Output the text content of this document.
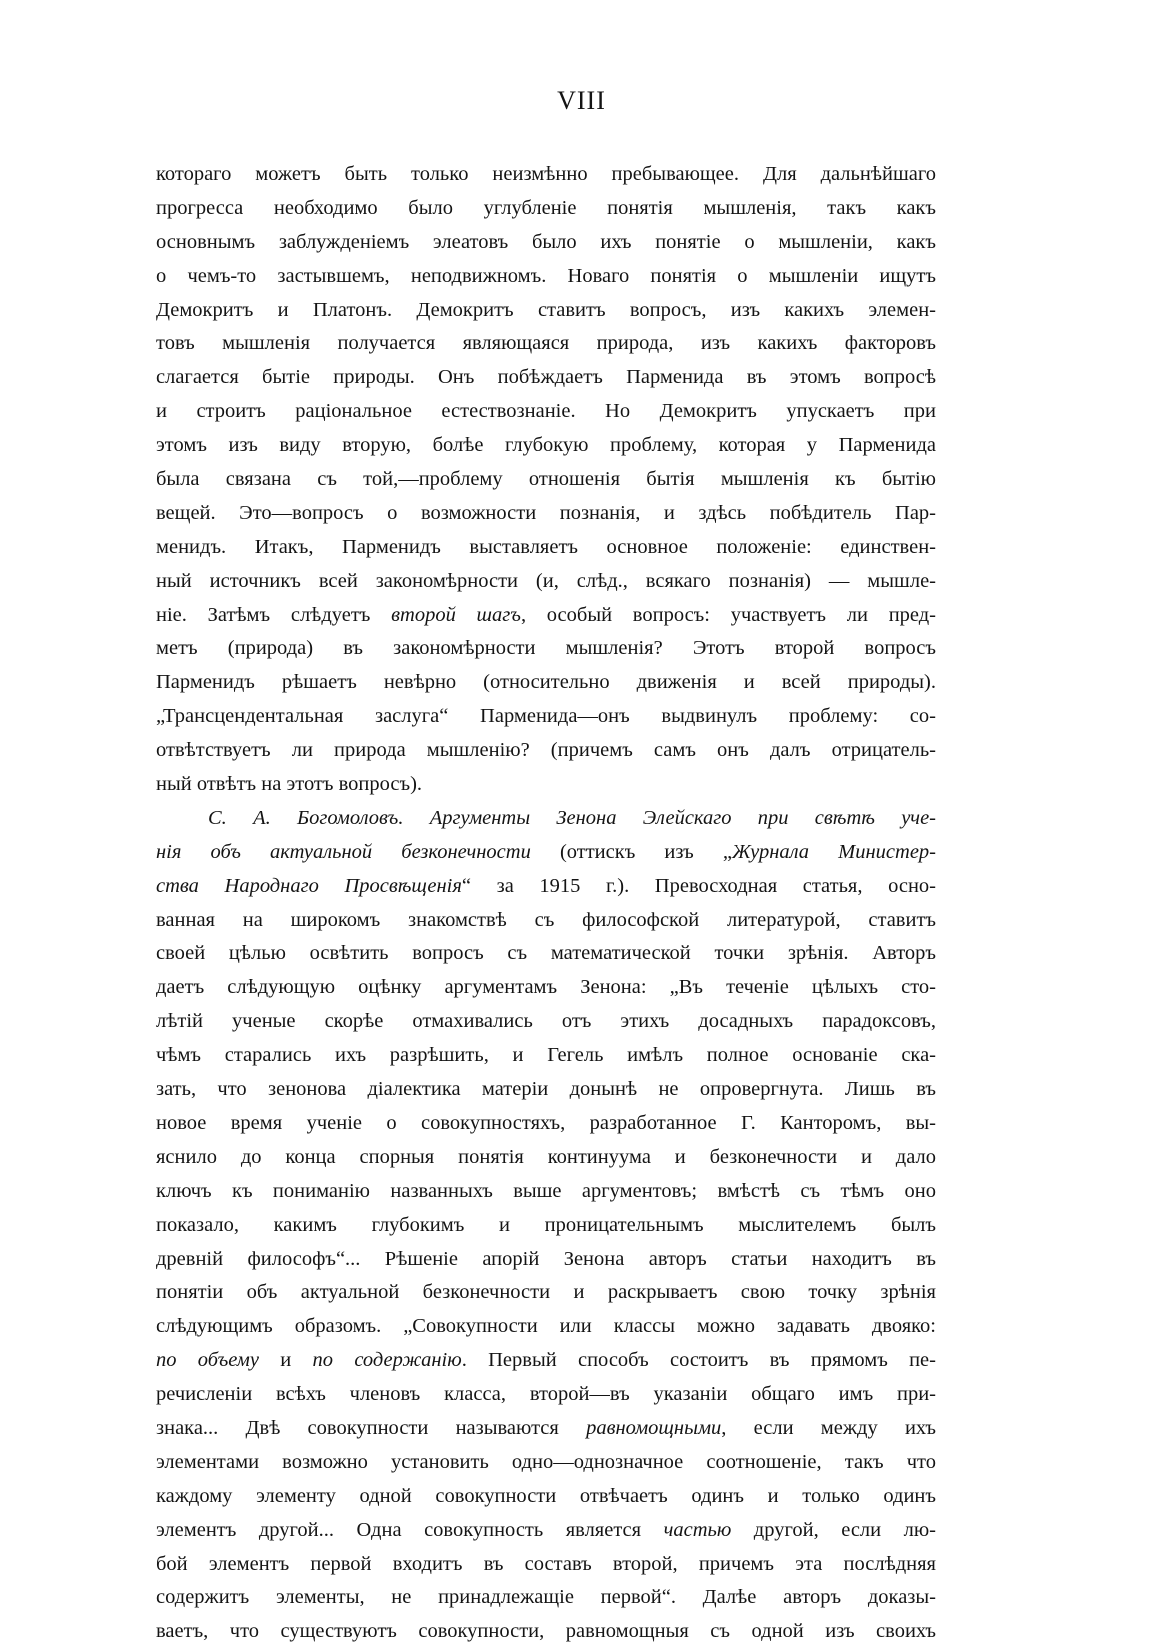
VIII
котораго можетъ быть только неизмѣнно пребывающее. Для дальнѣйшаго
прогресса необходимо было углубленіе понятія мышленія, такъ какъ
основнымъ заблужденіемъ элеатовъ было ихъ понятіе о мышленіи, какъ
о чемъ-то застывшемъ, неподвижномъ. Новаго понятія о мышленіи ищутъ
Демокритъ и Платонъ. Демокритъ ставитъ вопросъ, изъ какихъ элемен-
товъ мышленія получается являющаяся природа, изъ какихъ факторовъ
слагается бытіе природы. Онъ побѣждаетъ Парменида въ этомъ вопросѣ
и строитъ раціональное естествознаніе. Но Демокритъ упускаетъ при
этомъ изъ виду вторую, болѣе глубокую проблему, которая у Парменида
была связана съ той,—проблему отношенія бытія мышленія къ бытію
вещей. Это—вопросъ о возможности познанія, и здѣсь побѣдитель Пар-
менидъ. Итакъ, Парменидъ выставляетъ основное положеніе: единствен-
ный источникъ всей закономѣрности (и, слѣд., всякаго познанія) — мышле-
ніе. Затѣмъ слѣдуетъ второй шагъ, особый вопросъ: участвуетъ ли пред-
метъ (природа) въ закономѣрности мышленія? Этотъ второй вопросъ
Парменидъ рѣшаетъ невѣрно (относительно движенія и всей природы).
„Трансцендентальная заслуга“ Парменида—онъ выдвинулъ проблему: со-
отвѣтствуетъ ли природа мышленію? (причемъ самъ онъ далъ отрицатель-
ный отвѣтъ на этотъ вопросъ).
С. А. Богомоловъ. Аргументы Зенона Элейскаго при свѣтѣ уче-
нія объ актуальной безконечности (оттискъ изъ „Журнала Министер-
ства Народнаго Просвѣщенія“ за 1915 г.). Превосходная статья, осно-
ванная на широкомъ знакомствѣ съ философской литературой, ставитъ
своей цѣлью освѣтить вопросъ съ математической точки зрѣнія. Авторъ
даетъ слѣдующую оцѣнку аргументамъ Зенона: „Въ теченіе цѣлыхъ сто-
лѣтій ученые скорѣе отмахивались отъ этихъ досадныхъ парадоксовъ,
чѣмъ старались ихъ разрѣшить, и Гегель имѣлъ полное основаніе ска-
зать, что зенонова діалектика матеріи донынѣ не опровергнута. Лишь въ
новое время ученіе о совокупностяхъ, разработанное Г. Канторомъ, вы-
яснило до конца спорныя понятія континуума и безконечности и дало
ключъ къ пониманію названныхъ выше аргументовъ; вмѣстѣ съ тѣмъ оно
показало, какимъ глубокимъ и проницательнымъ мыслителемъ былъ
древній философъ“... Рѣшеніе апорій Зенона авторъ статьи находитъ въ
понятіи объ актуальной безконечности и раскрываетъ свою точку зрѣнія
слѣдующимъ образомъ. „Совокупности или классы можно задавать двояко:
по объему и по содержанію. Первый способъ состоитъ въ прямомъ пе-
речисленіи всѣхъ членовъ класса, второй—въ указаніи общаго имъ при-
знака... Двѣ совокупности называются равномощными, если между ихъ
элементами возможно установить одно—однозначное соотношеніе, такъ что
каждому элементу одной совокупности отвѣчаетъ одинъ и только одинъ
элементъ другой... Одна совокупность является частью другой, если лю-
бой элементъ первой входитъ въ составъ второй, причемъ эта послѣдняя
содержитъ элементы, не принадлежащіе первой“. Далѣе авторъ доказы-
ваетъ, что существуютъ совокупности, равномощныя съ одной изъ своихъ
